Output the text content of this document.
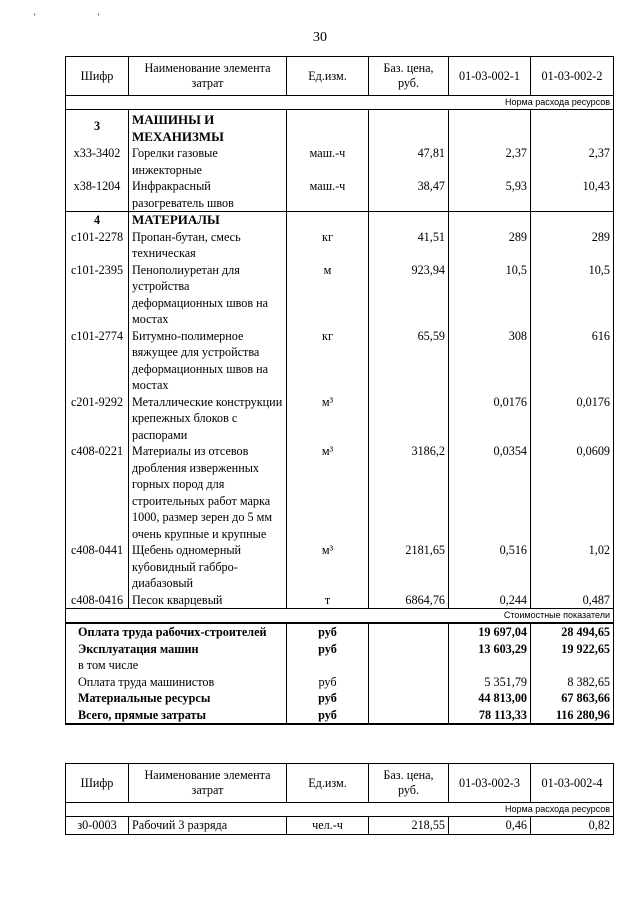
' '
30
Шифр	Наименование элемента затрат	Ед.изм.	Баз. цена, руб.	01-03-002-1	01-03-002-2
Норма расхода ресурсов					
3	МАШИНЫ И МЕХАНИЗМЫ				
х33-3402	Горелки газовые инжекторные	маш.-ч	47,81	2,37	2,37
х38-1204	Инфракрасный разогреватель швов	маш.-ч	38,47	5,93	10,43
4	МАТЕРИАЛЫ				
с101-2278	Пропан-бутан, смесь техническая	кг	41,51	289	289
с101-2395	Пенополиуретан для устройства деформационных швов на мостах	м	923,94	10,5	10,5
с101-2774	Битумно-полимерное вяжущее для устройства деформационных швов на мостах	кг	65,59	308	616
с201-9292	Металлические конструкции крепежных блоков с распорами	м³		0,0176	0,0176
с408-0221	Материалы из отсевов дробления изверженных горных пород для строительных работ марка 1000, размер зерен до 5 мм очень крупные и крупные	м³	3186,2	0,0354	0,0609
с408-0441	Щебень одномерный кубовидный габбро-диабазовый	м³	2181,65	0,516	1,02
с408-0416	Песок кварцевый	т	6864,76	0,244	0,487
Стоимостные показатели					
Оплата труда рабочих-строителей		руб		19 697,04	28 494,65
Эксплуатация машин		руб		13 603,29	19 922,65
в том числе					
Оплата труда машинистов		руб		5 351,79	8 382,65
Материальные ресурсы		руб		44 813,00	67 863,66
Всего, прямые затраты		руб		78 113,33	116 280,96
Шифр	Наименование элемента затрат	Ед.изм.	Баз. цена, руб.	01-03-002-3	01-03-002-4
Норма расхода ресурсов					
з0-0003	Рабочий 3 разряда	чел.-ч	218,55	0,46	0,82
